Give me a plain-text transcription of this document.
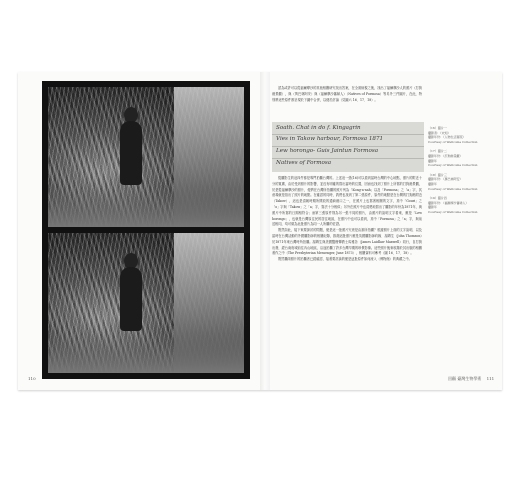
110

認為或許可以從福爾摩沙的其他相關研究找出答案，在全面檢視之後，找出了福爾摩沙人的照片（打狗港景觀），與（萬巴林阿安）與（福爾摩沙蕃婦人）（Natives of Formosa）等另外三件圖片，在此，特別將這些原件都呈現於下圖中合併，以便於討論（見圖六 16、17、18）。

Soath. Chat in do f. Kingagrin
Vies in Takow harbour, Formosa 1871
Lew horongo- Guis Jaintun Formosa
Natives of Formosa

從攝影生的這四件都是專門拍攝台灣的。上述這一張(16)可以看到當時台灣的中心地點，照片的附近十分的寬廣，由於受到照片的影響，並沒有明確的寫出當時的位置，因而也找到了照片上所寫的打狗港景觀，於是從福爾摩沙的照片，便將在台灣所拍攝的照片列為「Kong-a-nah」以及「Formosa」之「a」字，其意義就是指出了照片的地點。在確認的同時，我們也找到了第二張原件，原件的地點是在台灣的打狗港附近（Takow），這也是清朝時期所開放的通商港口之一，在照片上也寫著相關的文字，其中「Gouri」之「o」字與「Takow」之「a」字，寫法十分相似；另外在照片中也清楚地寫出了攝影的年份為1871年，與照片中所寫的日期相符合；而第三張原件則為另一張不同的照片，由照片的說明文字看來，應是「Lew horongo」，也就是台灣原住民的居住地區，在照片中也可以看到，其中「Formosa」之「a」字，與前述相同，均可做為此批照片為同一人所攝的佐證。

既然如此，接下來要探討的問題，便是這一批照片究竟是由誰所拍攝？根據照片上面的文字說明，以及當時在台灣活動的外國攝影師的相關紀錄，推測這批照片應是英國攝影師約翰．湯姆生（John Thomson）於1871年來台灣時所拍攝。湯姆生與美國醫療傳教士馬雅各（James Laidlaw Maxwell）同行，自打狗出發，經台南府城前往內山地區，沿途拍攝了許多台灣早期的珍貴影像。這些照片後來收錄於其出版的相關著作之中（The Presbyterian Messenger, June 1873），相關資料可參考（圖 16、17、18）。

既然攝兩照片的拍攝者已經確認，接著要討論的便是這批原件如何流入（博物館）的典藏之中。

（16）圖片一
攝影者：（未知）
攝影年份：（人物生活寫照）
Courtesy of Wellcome Collection
（17）圖片二
攝影年份：（打狗港景觀）
攝影年
Courtesy of Wellcome Collection
（18）圖片三
攝影年份：（萬巴林阿安）
攝影年
Courtesy of Wellcome Collection
（19）圖片四
攝影年份：（福爾摩沙蕃婦人）
攝影年
Courtesy of Wellcome Collection
回顧 臺灣生物學術 111
